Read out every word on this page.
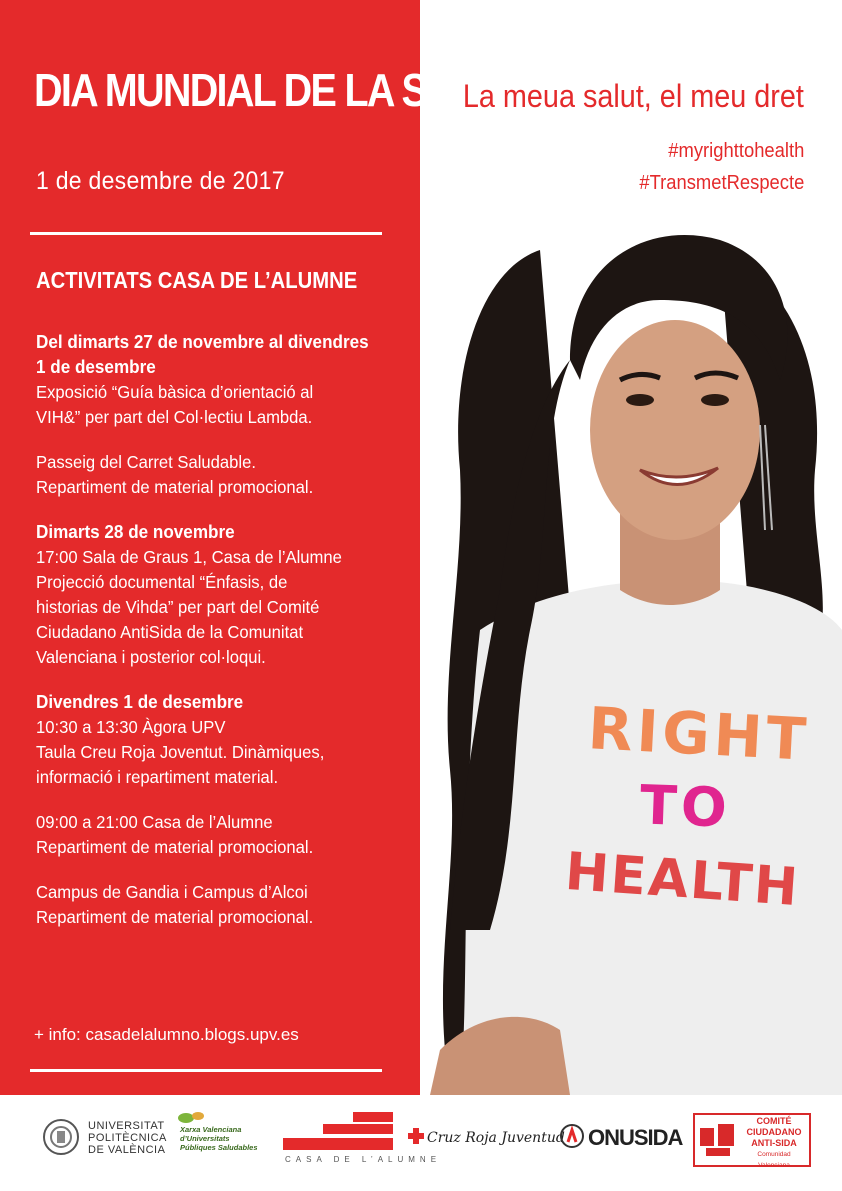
DIA MUNDIAL DE LA SIDA
1 de desembre de 2017
ACTIVITATS CASA DE L’ALUMNE
Del dimarts 27 de novembre al divendres
1 de desembre
Exposició “Guía bàsica d’orientació al
VIH&” per part del Col·lectiu Lambda.
Passeig del Carret Saludable.
Repartiment de material promocional.
Dimarts 28 de novembre
17:00 Sala de Graus 1, Casa de l’Alumne
Projecció documental “Énfasis, de
historias de Vihda” per part del Comité
Ciudadano AntiSida de la Comunitat
Valenciana i posterior col·loqui.
Divendres 1 de desembre
10:30 a 13:30 Àgora UPV
Taula Creu Roja Joventut. Dinàmiques,
informació i repartiment material.
09:00 a 21:00 Casa de l’Alumne
Repartiment de material promocional.
Campus de Gandia i Campus d’Alcoi
Repartiment de material promocional.
+ info: casadelalumno.blogs.upv.es
La meua salut, el meu dret
#myrighttohealth
#TransmetRespecte
RIGHT
TO
HEALTH
UNIVERSITAT
POLITÈCNICA
DE VALÈNCIA
Xarxa Valenciana
d’Universitats
Públiques Saludables
CASA DE L’ALUMNE
Cruz Roja Juventud ONUSIDA
COMITÉ
CIUDADANO
ANTI-SIDA
Comunidad Valenciana
